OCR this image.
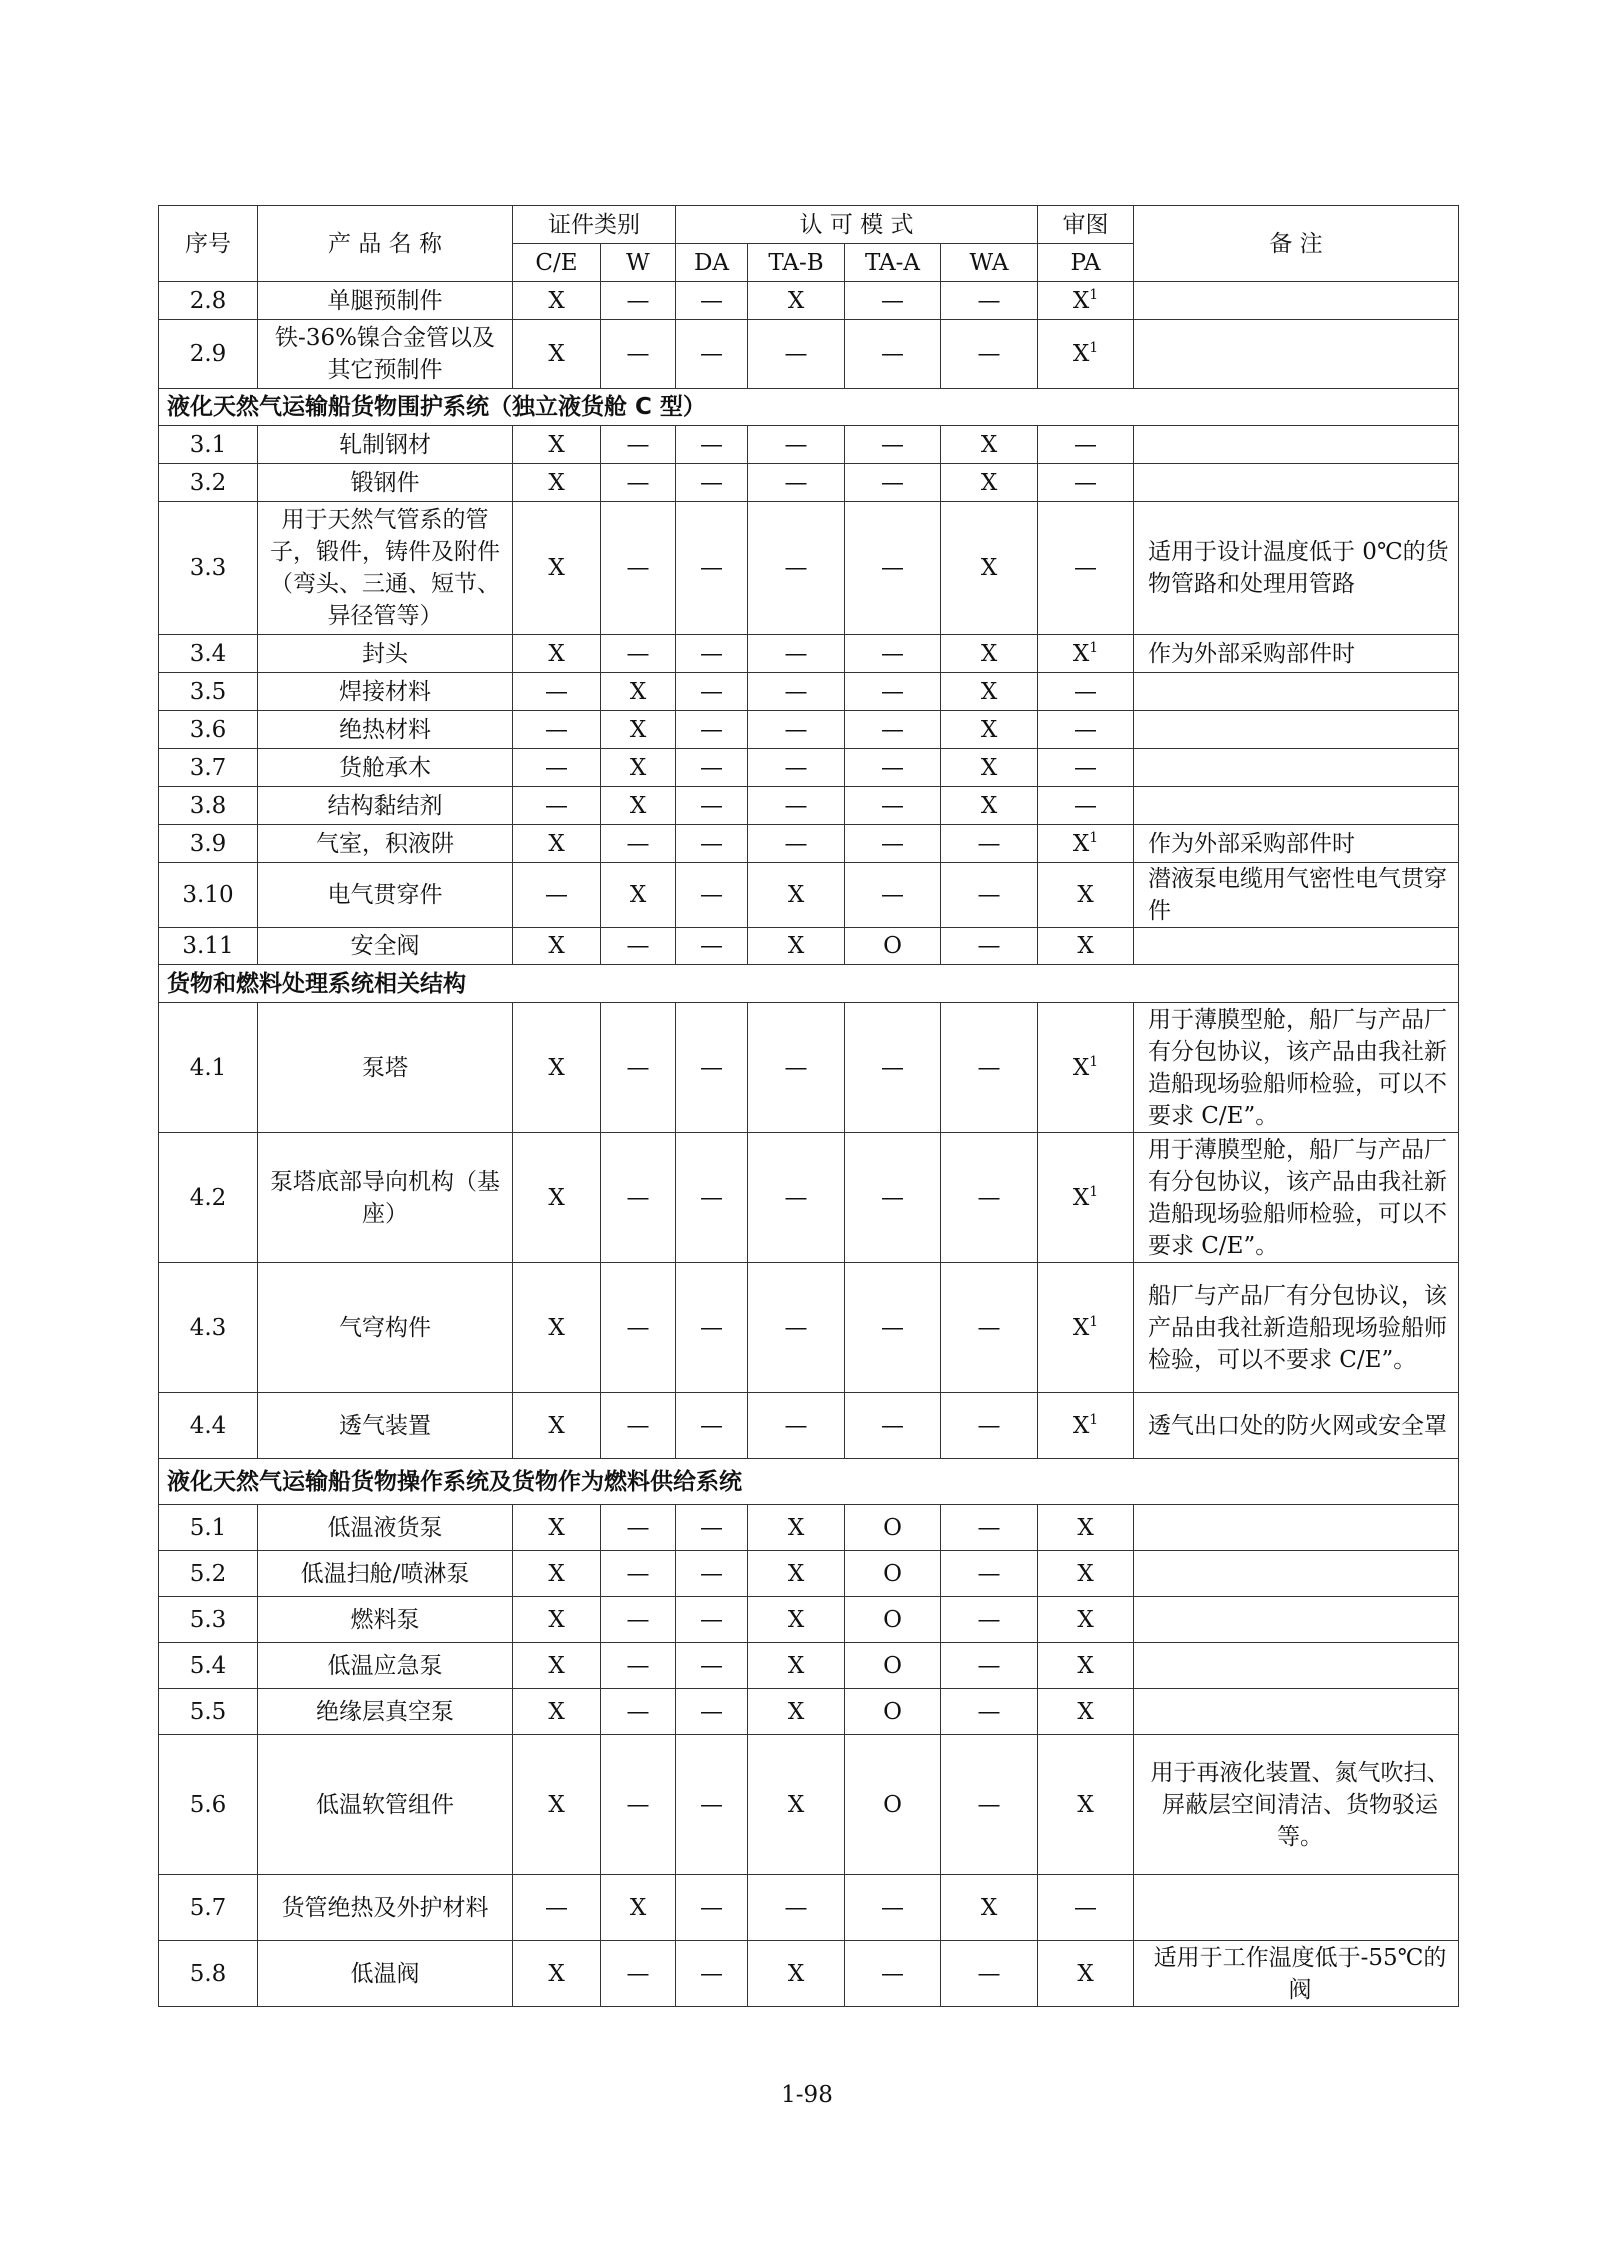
序号	产 品 名 称	证件类别		认 可 模 式				审图	备 注
		C/E	W	DA	TA-B	TA-A	WA	PA	
2.8	单腿预制件	X	—	—	X	—	—	$X^1$	
2.9	铁-36%镍合金管以及其它预制件	X	—	—	—	—	—	$X^1$	
液化天然气运输船货物围护系统（独立液货舱 C 型）									
3.1	轧制钢材	X	—	—	—	—	X	—	
3.2	锻钢件	X	—	—	—	—	X	—	
3.3	用于天然气管系的管子，锻件，铸件及附件（弯头、三通、短节、异径管等）	X	—	—	—	—	X	—	适用于设计温度低于 0℃的货物管路和处理用管路
3.4	封头	X	—	—	—	—	X	$X^1$	作为外部采购部件时
3.5	焊接材料	—	X	—	—	—	X	—	
3.6	绝热材料	—	X	—	—	—	X	—	
3.7	货舱承木	—	X	—	—	—	X	—	
3.8	结构黏结剂	—	X	—	—	—	X	—	
3.9	气室，积液阱	X	—	—	—	—	—	$X^1$	作为外部采购部件时
3.10	电气贯穿件	—	X	—	X	—	—	X	潜液泵电缆用气密性电气贯穿件
3.11	安全阀	X	—	—	X	O	—	X	
货物和燃料处理系统相关结构									
4.1	泵塔	X	—	—	—	—	—	$X^1$	用于薄膜型舱，船厂与产品厂有分包协议，该产品由我社新造船现场验船师检验，可以不要求 C/E”。
4.2	泵塔底部导向机构（基座）	X	—	—	—	—	—	$X^1$	用于薄膜型舱，船厂与产品厂有分包协议，该产品由我社新造船现场验船师检验，可以不要求 C/E”。
4.3	气穹构件	X	—	—	—	—	—	$X^1$	船厂与产品厂有分包协议，该产品由我社新造船现场验船师检验，可以不要求 C/E”。
4.4	透气装置	X	—	—	—	—	—	$X^1$	透气出口处的防火网或安全罩
液化天然气运输船货物操作系统及货物作为燃料供给系统									
5.1	低温液货泵	X	—	—	X	O	—	X	
5.2	低温扫舱/喷淋泵	X	—	—	X	O	—	X	
5.3	燃料泵	X	—	—	X	O	—	X	
5.4	低温应急泵	X	—	—	X	O	—	X	
5.5	绝缘层真空泵	X	—	—	X	O	—	X	
5.6	低温软管组件	X	—	—	X	O	—	X	用于再液化装置、氮气吹扫、屏蔽层空间清洁、货物驳运等。
5.7	货管绝热及外护材料	—	X	—	—	—	X	—	
5.8	低温阀	X	—	—	X	—	—	X	适用于工作温度低于-55℃的阀
1-98
